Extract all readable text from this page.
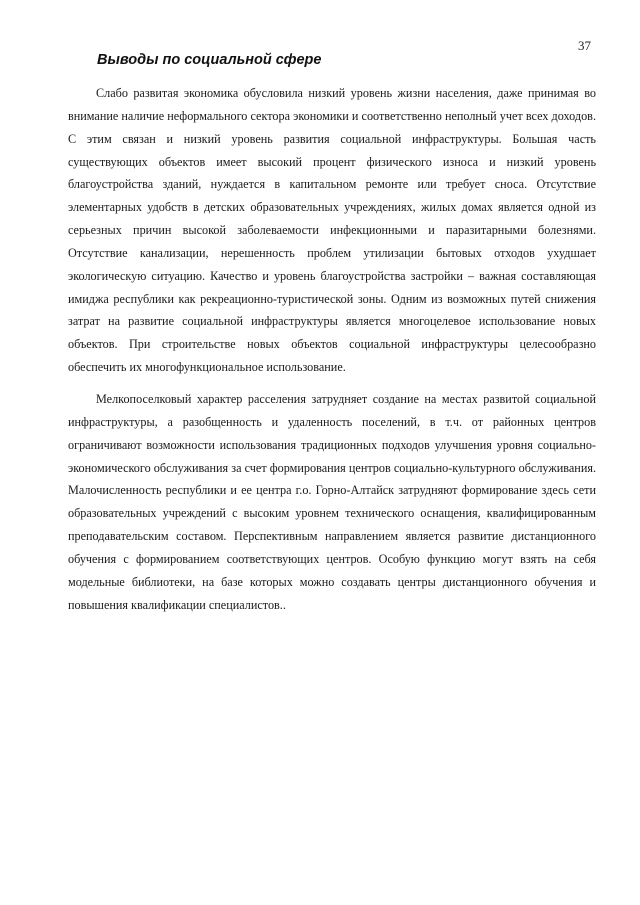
37
Выводы по социальной сфере

Слабо развитая экономика обусловила низкий уровень жизни населения, даже принимая во внимание наличие неформального сектора экономики и соответственно неполный учет всех доходов. С этим связан и низкий уровень развития социальной инфраструктуры. Большая часть существующих объектов имеет высокий процент физического износа и низкий уровень благоустройства зданий, нуждается в капитальном ремонте или требует сноса. Отсутствие элементарных удобств в детских образовательных учреждениях, жилых домах является одной из серьезных причин высокой заболеваемости инфекционными и паразитарными болезнями. Отсутствие канализации, нерешенность проблем утилизации бытовых отходов ухудшает экологическую ситуацию. Качество и уровень благоустройства застройки – важная составляющая имиджа республики как рекреационно-туристической зоны. Одним из возможных путей снижения затрат на развитие социальной инфраструктуры является многоцелевое использование новых объектов. При строительстве новых объектов социальной инфраструктуры целесообразно обеспечить их многофункциональное использование.

Мелкопоселковый характер расселения затрудняет создание на местах развитой социальной инфраструктуры, а разобщенность и удаленность поселений, в т.ч. от районных центров ограничивают возможности использования традиционных подходов улучшения уровня социально-экономического обслуживания за счет формирования центров социально-культурного обслуживания. Малочисленность республики и ее центра г.о. Горно-Алтайск затрудняют формирование здесь сети образовательных учреждений с высоким уровнем технического оснащения, квалифицированным преподавательским составом. Перспективным направлением является развитие дистанционного обучения с формированием соответствующих центров. Особую функцию могут взять на себя модельные библиотеки, на базе которых можно создавать центры дистанционного обучения и повышения квалификации специалистов..
